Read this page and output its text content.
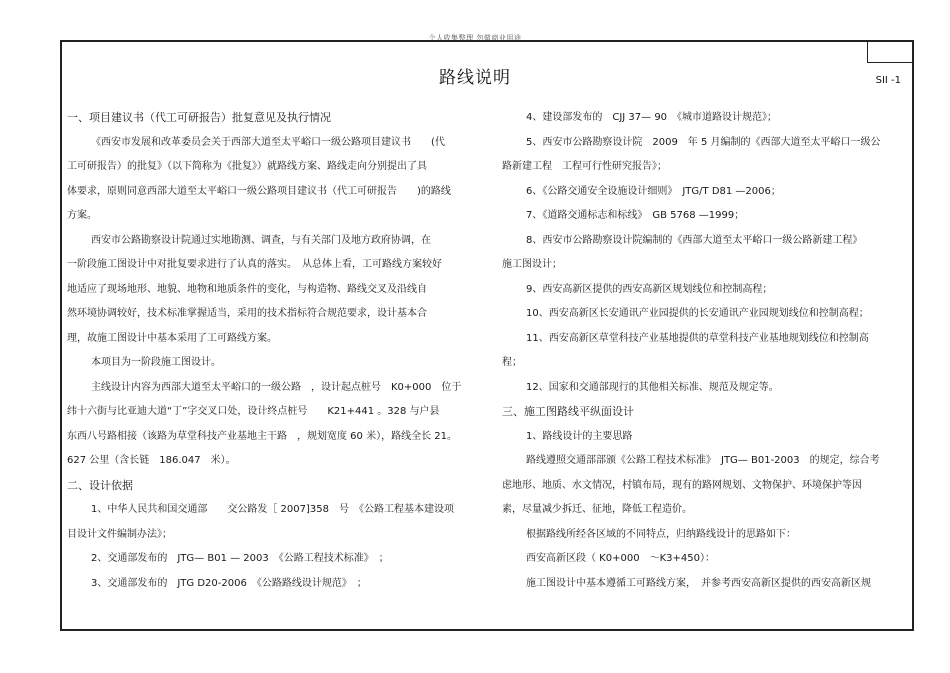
个人收集整理 勿做商业用途
路线说明	SII -1
一、项目建议书（代工可研报告）批复意见及执行情况
《西安市发展和改革委员会关于西部大道至太平峪口一级公路项目建议书　　(代
工可研报告）的批复》（以下简称为《批复》）就路线方案、路线走向分别提出了具
体要求，原则同意西部大道至太平峪口一级公路项目建议书（代工可研报告　　)的路线
方案。
西安市公路勘察设计院通过实地勘测、调查，与有关部门及地方政府协调，在
一阶段施工图设计中对批复要求进行了认真的落实。　从总体上看，工可路线方案较好
地适应了现场地形、地貌、地物和地质条件的变化，与构造物、路线交叉及沿线自
然环境协调较好，技术标准掌握适当，采用的技术指标符合规范要求，设计基本合
理，故施工图设计中基本采用了工可路线方案。
本项目为一阶段施工图设计。
主线设计内容为西部大道至太平峪口的一级公路　，设计起点桩号　K0+000　位于
纬十六街与比亚迪大道“丁”字交叉口处，设计终点桩号　　K21+441 。328 与户县
东西八号路相接（该路为草堂科技产业基地主干路　，规划宽度 60 米），路线全长 21。
627 公里（含长链　186.047　米）。
二、设计依据
1、中华人民共和国交通部　　交公路发［ 2007]358　号　《公路工程基本建设项
目设计文件编制办法》；
2、交通部发布的　JTG— B01 — 2003　《公路工程技术标准》　；
3、交通部发布的　JTG D20-2006　《公路路线设计规范》　；
4、建设部发布的　CJJ 37— 90　《城市道路设计规范》；
5、西安市公路勘察设计院　2009　年 5 月编制的《西部大道至太平峪口一级公
路新建工程　工程可行性研究报告》；
6、《公路交通安全设施设计细则》　JTG/T D81 —2006；
7、《道路交通标志和标线》　GB 5768 —1999；
8、西安市公路勘察设计院编制的《西部大道至太平峪口一级公路新建工程》
施工图设计；
9、西安高新区提供的西安高新区规划线位和控制高程；
10、西安高新区长安通讯产业园提供的长安通讯产业园规划线位和控制高程；
11、西安高新区草堂科技产业基地提供的草堂科技产业基地规划线位和控制高
程；
12、国家和交通部现行的其他相关标准、规范及规定等。
三、施工图路线平纵面设计
1、路线设计的主要思路
路线遵照交通部部颁《公路工程技术标准》　JTG— B01-2003　的规定，综合考
虑地形、地质、水文情况，村镇布局，现有的路网规划、文物保护、环境保护等因
素，尽量减少拆迁、征地，降低工程造价。
根据路线所经各区域的不同特点，归纳路线设计的思路如下：
西安高新区段（ K0+000　～K3+450）：
施工图设计中基本遵循工可路线方案，　并参考西安高新区提供的西安高新区规
